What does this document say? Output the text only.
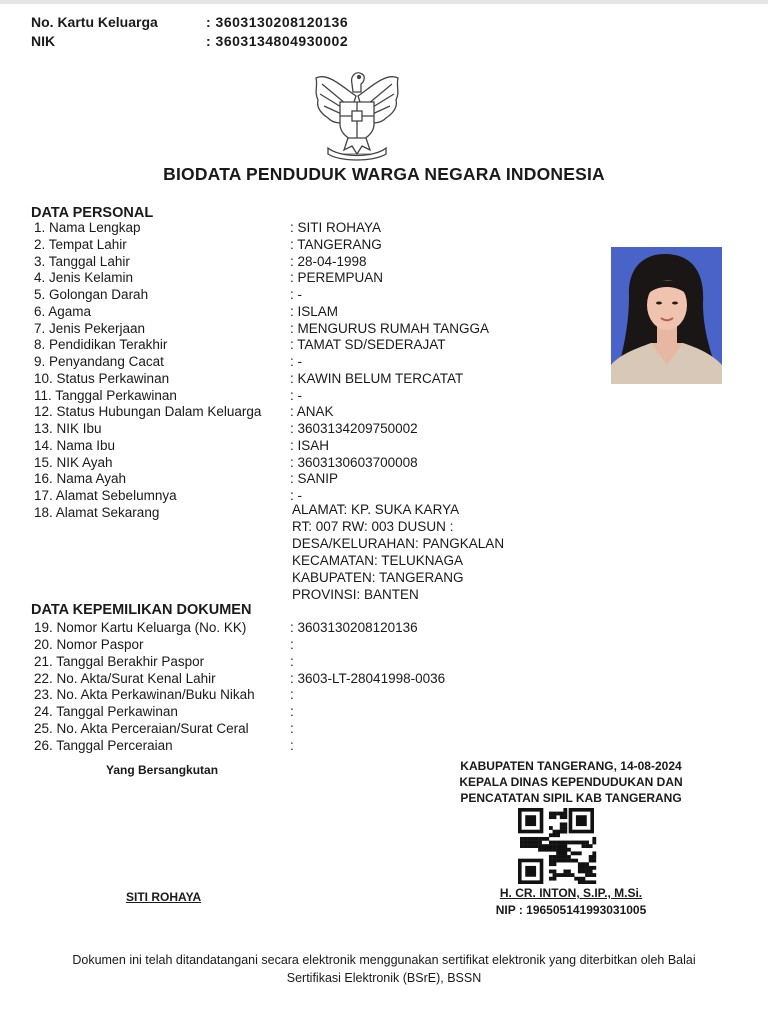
No. Kartu Keluarga	: 3603130208120136
NIK	: 3603134804930002
BIODATA PENDUDUK WARGA NEGARA INDONESIA
DATA PERSONAL
1. Nama Lengkap	: SITI ROHAYA
2. Tempat Lahir	: TANGERANG
3. Tanggal Lahir	: 28-04-1998
4. Jenis Kelamin	: PEREMPUAN
5. Golongan Darah	: -
6. Agama	: ISLAM
7. Jenis Pekerjaan	: MENGURUS RUMAH TANGGA
8. Pendidikan Terakhir	: TAMAT SD/SEDERAJAT
9. Penyandang Cacat	: -
10. Status Perkawinan	: KAWIN BELUM TERCATAT
11. Tanggal Perkawinan	: -
12. Status Hubungan Dalam Keluarga : ANAK
13. NIK Ibu	: 3603134209750002
14. Nama Ibu	: ISAH
15. NIK Ayah	: 3603130603700008
16. Nama Ayah	: SANIP
17. Alamat Sebelumnya	: -
18. Alamat Sekarang	ALAMAT: KP. SUKA KARYA
RT: 007 RW: 003 DUSUN :
DESA/KELURAHAN: PANGKALAN
KECAMATAN: TELUKNAGA
KABUPATEN: TANGERANG
PROVINSI: BANTEN
DATA KEPEMILIKAN DOKUMEN
19. Nomor Kartu Keluarga (No. KK)	: 3603130208120136
20. Nomor Paspor	:
21. Tanggal Berakhir Paspor	:
22. No. Akta/Surat Kenal Lahir	: 3603-LT-28041998-0036
23. No. Akta Perkawinan/Buku Nikah	:
24. Tanggal Perkawinan	:
25. No. Akta Perceraian/Surat Ceral	:
26. Tanggal Perceraian	:
Yang Bersangkutan
SITI ROHAYA
KABUPATEN TANGERANG, 14-08-2024
KEPALA DINAS KEPENDUDUKAN DAN
PENCATATAN SIPIL KAB TANGERANG
H. CR. INTON, S.IP., M.Si.
NIP : 196505141993031005
Dokumen ini telah ditandatangani secara elektronik menggunakan sertifikat elektronik yang diterbitkan oleh Balai
Sertifikasi Elektronik (BSrE), BSSN
